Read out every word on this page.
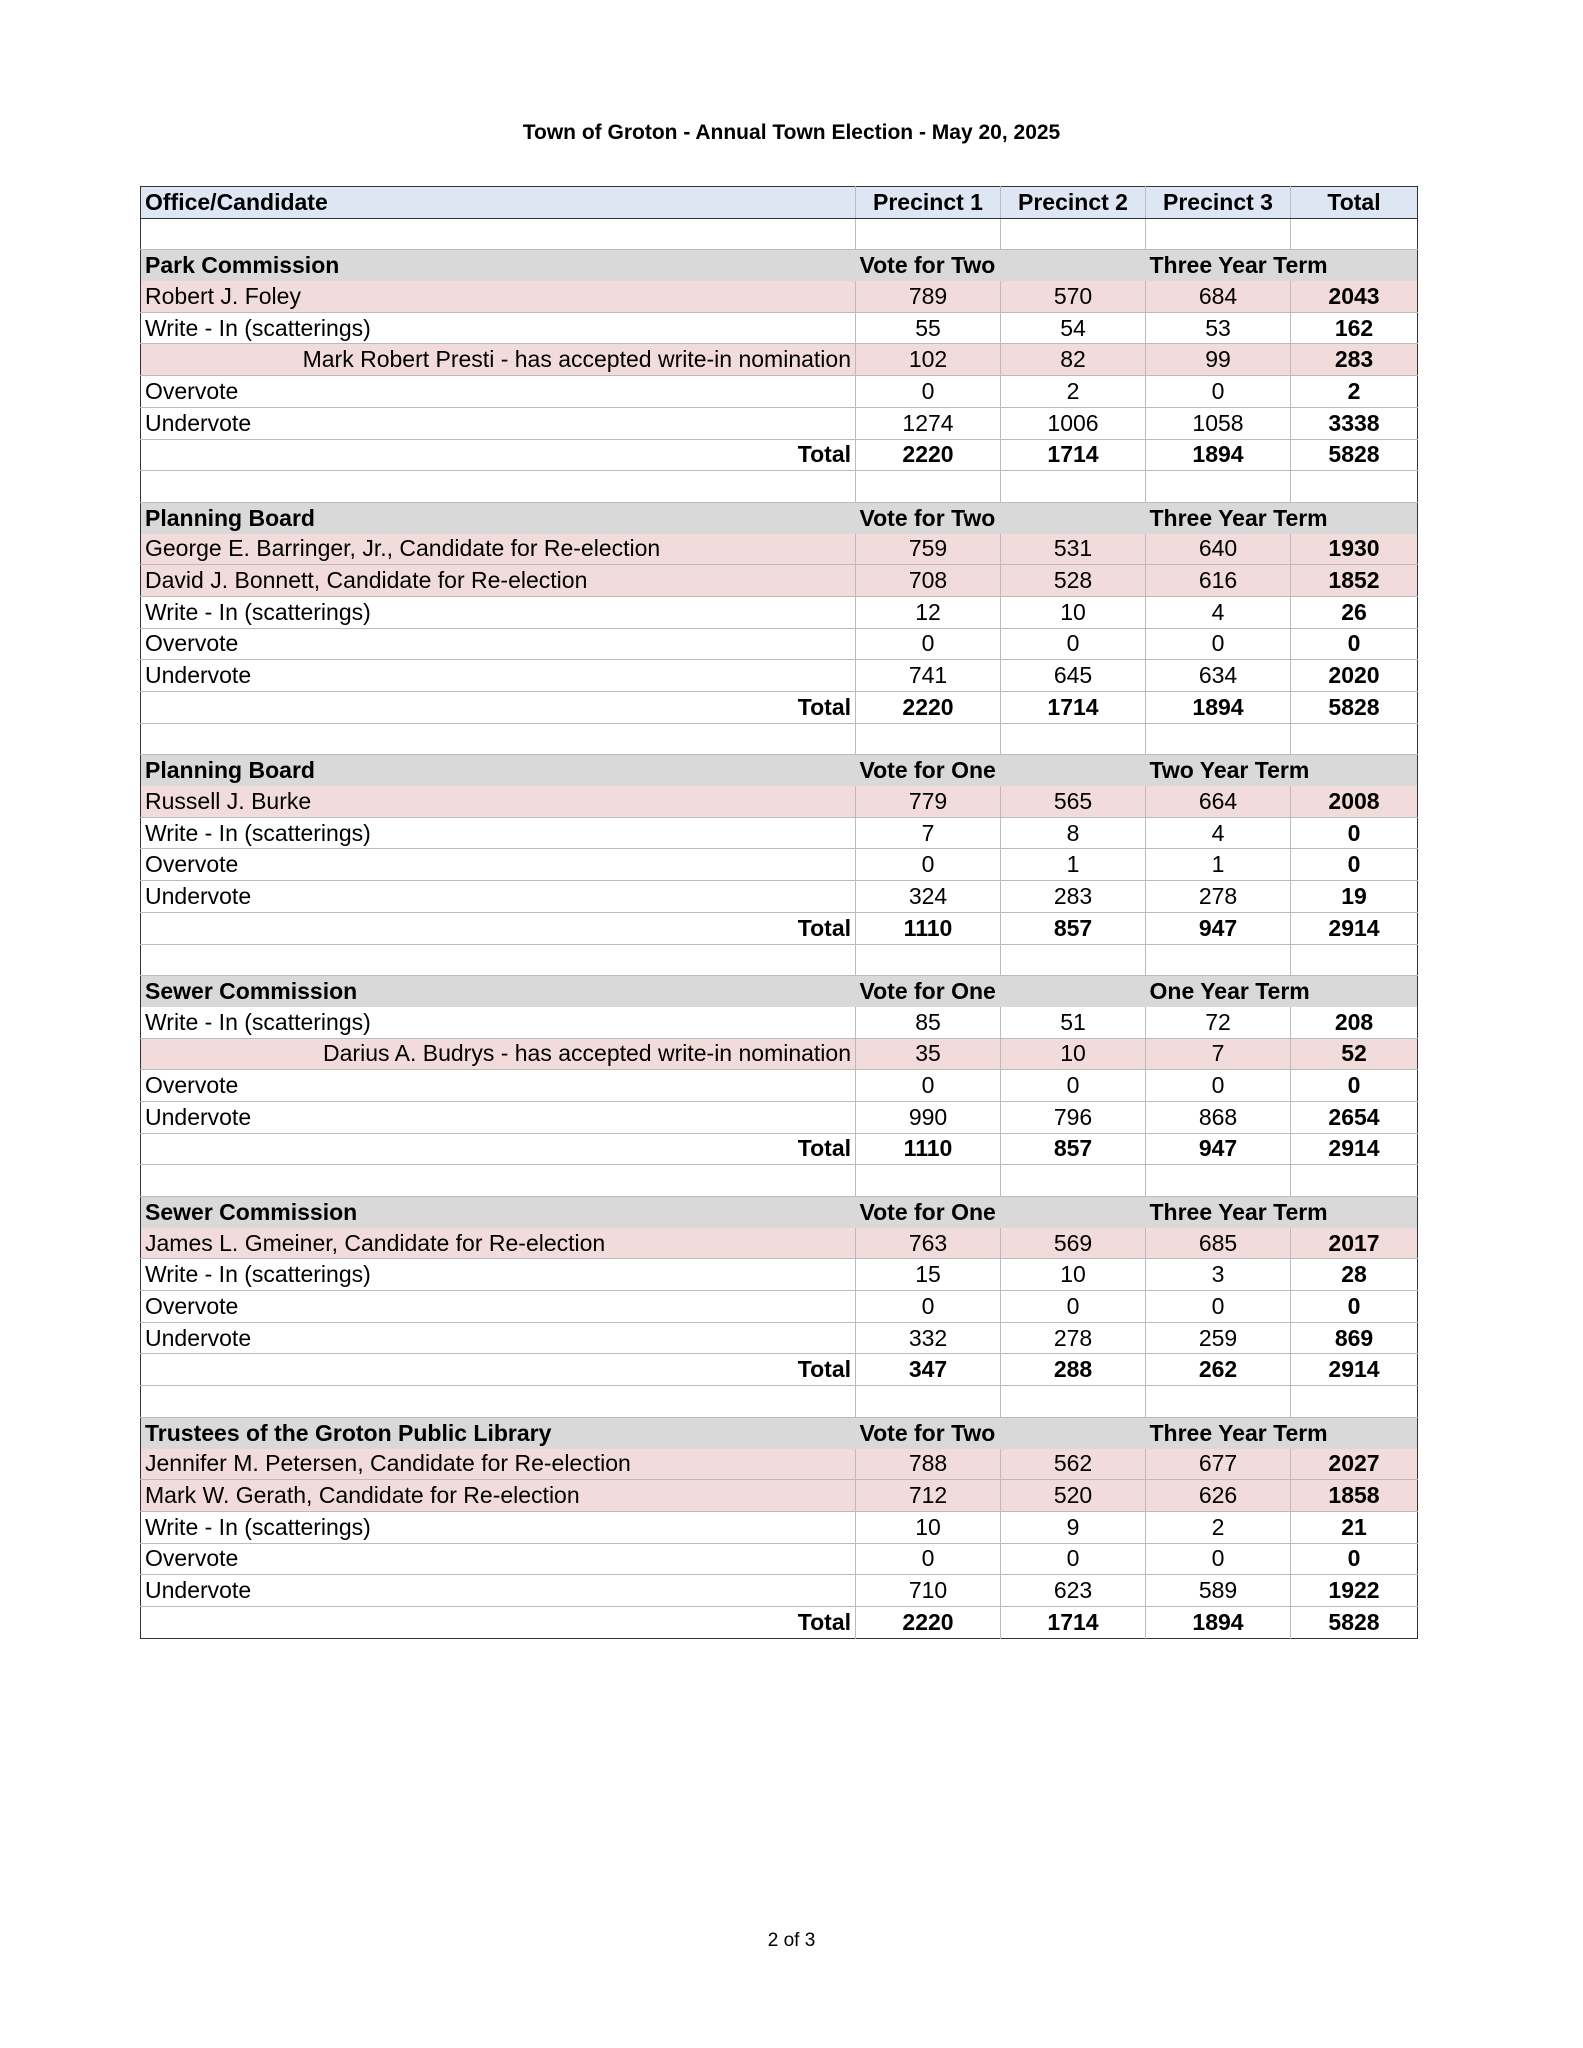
Town of Groton - Annual Town Election - May 20, 2025
Office/Candidate	Precinct 1	Precinct 2	Precinct 3	Total

Park Commission	Vote for Two		Three Year Term	
Robert J. Foley	789	570	684	2043
Write - In (scatterings)	55	54	53	162
Mark Robert Presti - has accepted write-in nomination	102	82	99	283
Overvote	0	2	0	2
Undervote	1274	1006	1058	3338
Total	2220	1714	1894	5828

Planning Board	Vote for Two		Three Year Term	
George E. Barringer, Jr., Candidate for Re-election	759	531	640	1930
David J. Bonnett, Candidate for Re-election	708	528	616	1852
Write - In (scatterings)	12	10	4	26
Overvote	0	0	0	0
Undervote	741	645	634	2020
Total	2220	1714	1894	5828

Planning Board	Vote for One		Two Year Term	
Russell J. Burke	779	565	664	2008
Write - In (scatterings)	7	8	4	0
Overvote	0	1	1	0
Undervote	324	283	278	19
Total	1110	857	947	2914

Sewer Commission	Vote for One		One Year Term	
Write - In (scatterings)	85	51	72	208
Darius A. Budrys - has accepted write-in nomination	35	10	7	52
Overvote	0	0	0	0
Undervote	990	796	868	2654
Total	1110	857	947	2914

Sewer Commission	Vote for One		Three Year Term	
James L. Gmeiner, Candidate for Re-election	763	569	685	2017
Write - In (scatterings)	15	10	3	28
Overvote	0	0	0	0
Undervote	332	278	259	869
Total	347	288	262	2914

Trustees of the Groton Public Library	Vote for Two		Three Year Term	
Jennifer M. Petersen, Candidate for Re-election	788	562	677	2027
Mark W. Gerath, Candidate for Re-election	712	520	626	1858
Write - In (scatterings)	10	9	2	21
Overvote	0	0	0	0
Undervote	710	623	589	1922
Total	2220	1714	1894	5828
2 of 3
